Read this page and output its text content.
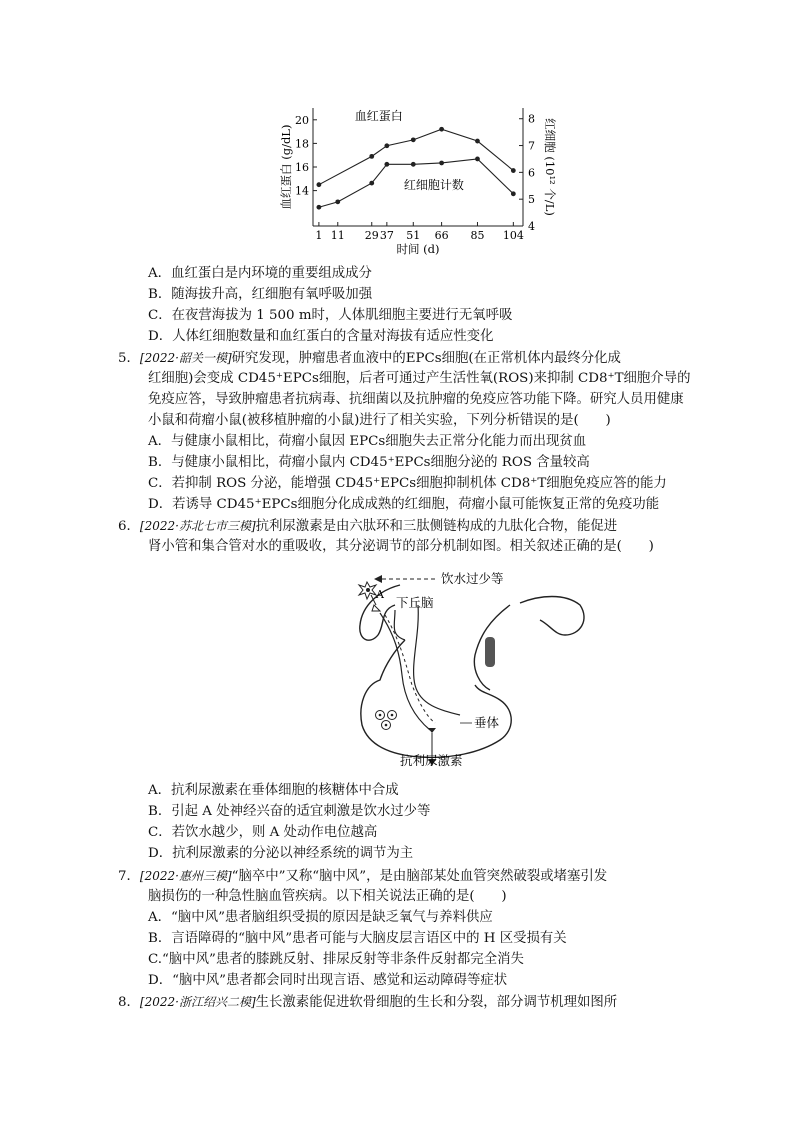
1 11 29 37 51 66 85 104
14
16
18
20
4
5
6
7
8
血红蛋白
红细胞计数
时间 (d)
血红蛋白 (g/dL)	红细胞 (10¹² 个/L)
A．血红蛋白是内环境的重要组成成分
B．随海拔升高，红细胞有氧呼吸加强
C．在夜营海拔为 1 500 m时，人体肌细胞主要进行无氧呼吸
D．人体红细胞数量和血红蛋白的含量对海拔有适应性变化
5．[2022·韶关一模]研究发现，肿瘤患者血液中的EPCs细胞(在正常机体内最终分化成
红细胞)会变成 CD45⁺EPCs细胞，后者可通过产生活性氧(ROS)来抑制 CD8⁺T细胞介导的
免疫应答，导致肿瘤患者抗病毒、抗细菌以及抗肿瘤的免疫应答功能下降。研究人员用健康
小鼠和荷瘤小鼠(被移植肿瘤的小鼠)进行了相关实验，下列分析错误的是(　　)
A．与健康小鼠相比，荷瘤小鼠因 EPCs细胞失去正常分化能力而出现贫血
B．与健康小鼠相比，荷瘤小鼠内 CD45⁺EPCs细胞分泌的 ROS 含量较高
C．若抑制 ROS 分泌，能增强 CD45⁺EPCs细胞抑制机体 CD8⁺T细胞免疫应答的能力
D．若诱导 CD45⁺EPCs细胞分化成成熟的红细胞，荷瘤小鼠可能恢复正常的免疫功能
6．[2022·苏北七市三模]抗利尿激素是由六肽环和三肽侧链构成的九肽化合物，能促进
肾小管和集合管对水的重吸收，其分泌调节的部分机制如图。相关叙述正确的是(　　)
饮水过少等
A
下丘脑
垂体
抗利尿激素
A．抗利尿激素在垂体细胞的核糖体中合成
B．引起 A 处神经兴奋的适宜刺激是饮水过少等
C．若饮水越少，则 A 处动作电位越高
D．抗利尿激素的分泌以神经系统的调节为主
7．[2022·惠州三模]“脑卒中”又称“脑中风”，是由脑部某处血管突然破裂或堵塞引发
脑损伤的一种急性脑血管疾病。以下相关说法正确的是(　　)
A．“脑中风”患者脑组织受损的原因是缺乏氧气与养料供应
B．言语障碍的“脑中风”患者可能与大脑皮层言语区中的 H 区受损有关
C.“脑中风”患者的膝跳反射、排尿反射等非条件反射都完全消失
D．“脑中风”患者都会同时出现言语、感觉和运动障碍等症状
8．[2022·浙江绍兴二模]生长激素能促进软骨细胞的生长和分裂，部分调节机理如图所
